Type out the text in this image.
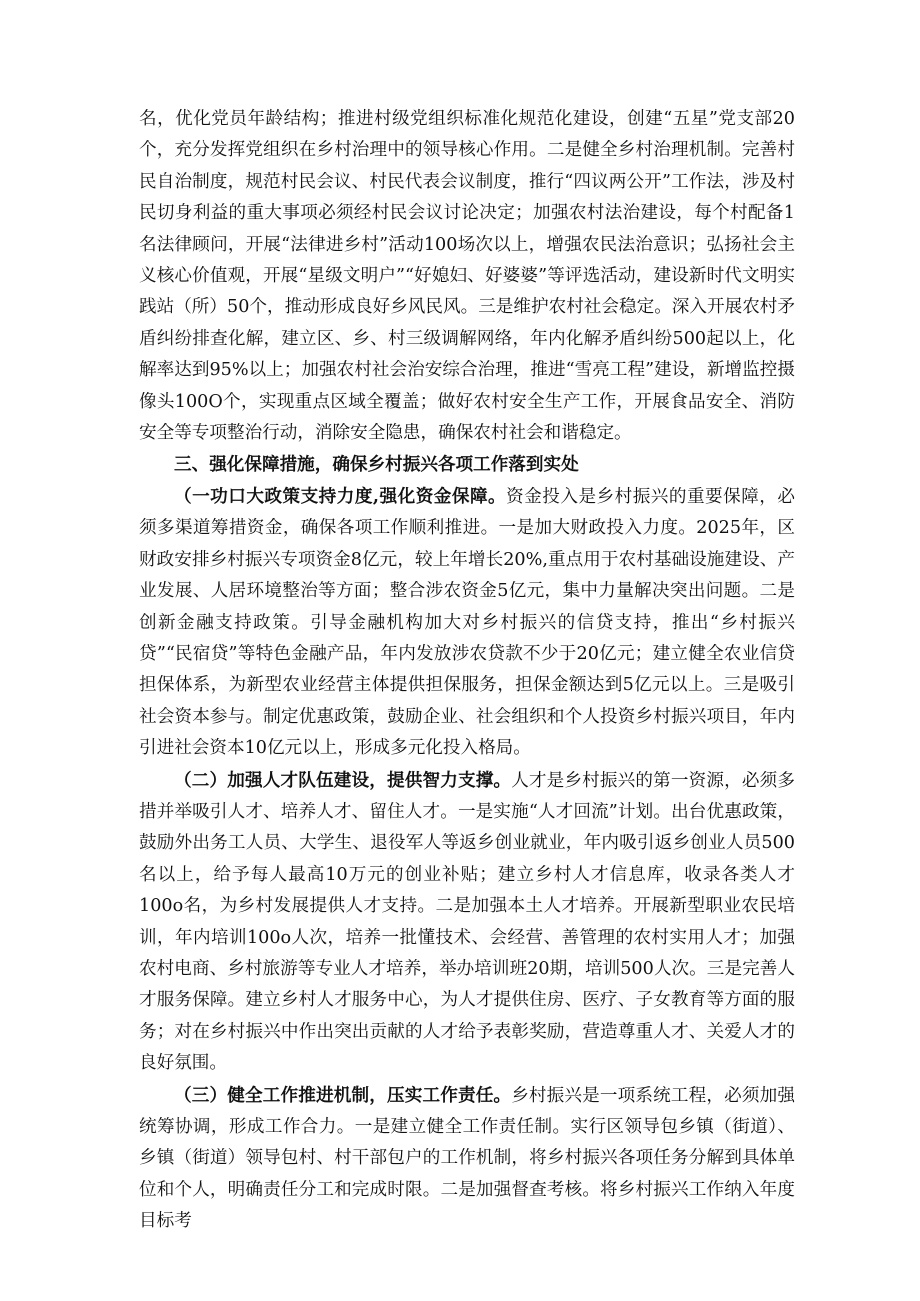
名，优化党员年龄结构；推进村级党组织标准化规范化建设，创建“五星”党支部20个，充分发挥党组织在乡村治理中的领导核心作用。二是健全乡村治理机制。完善村民自治制度，规范村民会议、村民代表会议制度，推行“四议两公开”工作法，涉及村民切身利益的重大事项必须经村民会议讨论决定；加强农村法治建设，每个村配备1名法律顾问，开展“法律进乡村”活动100场次以上，增强农民法治意识；弘扬社会主义核心价值观，开展“星级文明户”“好媳妇、好婆婆”等评选活动，建设新时代文明实践站（所）50个，推动形成良好乡风民风。三是维护农村社会稳定。深入开展农村矛盾纠纷排查化解，建立区、乡、村三级调解网络，年内化解矛盾纠纷500起以上，化解率达到95%以上；加强农村社会治安综合治理，推进“雪亮工程”建设，新增监控摄像头100O个，实现重点区域全覆盖；做好农村安全生产工作，开展食品安全、消防安全等专项整治行动，消除安全隐患，确保农村社会和谐稳定。

三、强化保障措施，确保乡村振兴各项工作落到实处

（一功口大政策支持力度,强化资金保障。资金投入是乡村振兴的重要保障，必须多渠道筹措资金，确保各项工作顺利推进。一是加大财政投入力度。2025年，区财政安排乡村振兴专项资金8亿元，较上年增长20%,重点用于农村基础设施建设、产业发展、人居环境整治等方面；整合涉农资金5亿元，集中力量解决突出问题。二是创新金融支持政策。引导金融机构加大对乡村振兴的信贷支持，推出“乡村振兴贷”“民宿贷”等特色金融产品，年内发放涉农贷款不少于20亿元；建立健全农业信贷担保体系，为新型农业经营主体提供担保服务，担保金额达到5亿元以上。三是吸引社会资本参与。制定优惠政策，鼓励企业、社会组织和个人投资乡村振兴项目，年内引进社会资本10亿元以上，形成多元化投入格局。

（二）加强人才队伍建设，提供智力支撑。人才是乡村振兴的第一资源，必须多措并举吸引人才、培养人才、留住人才。一是实施“人才回流”计划。出台优惠政策，鼓励外出务工人员、大学生、退役军人等返乡创业就业，年内吸引返乡创业人员500名以上，给予每人最高10万元的创业补贴；建立乡村人才信息库，收录各类人才100o名，为乡村发展提供人才支持。二是加强本土人才培养。开展新型职业农民培训，年内培训100o人次，培养一批懂技术、会经营、善管理的农村实用人才；加强农村电商、乡村旅游等专业人才培养，举办培训班20期，培训500人次。三是完善人才服务保障。建立乡村人才服务中心，为人才提供住房、医疗、子女教育等方面的服务；对在乡村振兴中作出突出贡献的人才给予表彰奖励，营造尊重人才、关爱人才的良好氛围。

（三）健全工作推进机制，压实工作责任。乡村振兴是一项系统工程，必须加强统筹协调，形成工作合力。一是建立健全工作责任制。实行区领导包乡镇（街道）、乡镇（街道）领导包村、村干部包户的工作机制，将乡村振兴各项任务分解到具体单位和个人，明确责任分工和完成时限。二是加强督查考核。将乡村振兴工作纳入年度目标考
